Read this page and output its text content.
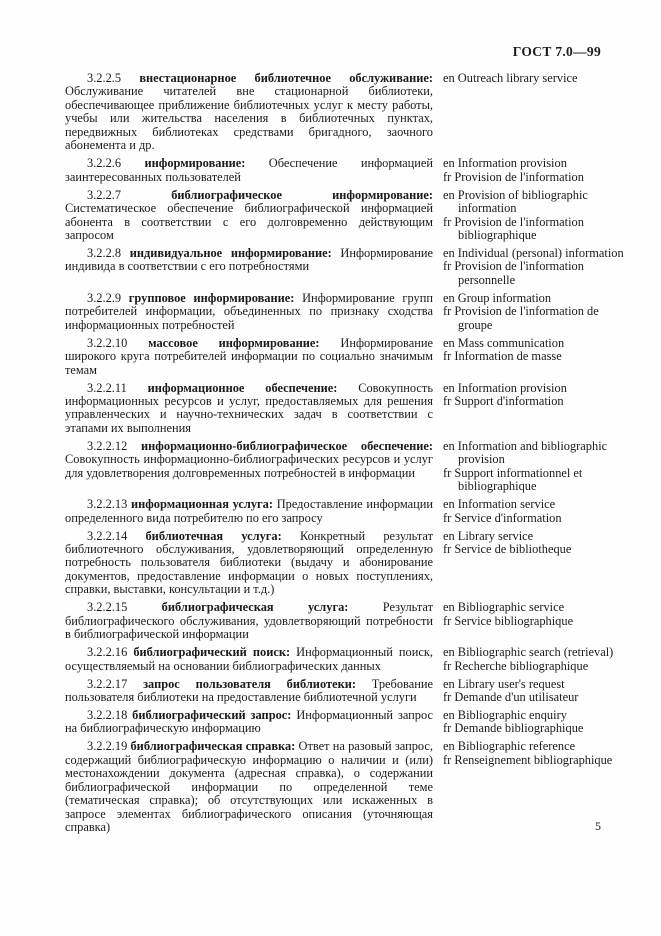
ГОСТ 7.0—99

3.2.2.5 внестационарное библиотечное обслуживание: Обслуживание читателей вне стационарной библиотеки, обеспечивающее приближение библиотечных услуг к месту работы, учебы или жительства населения в библиотечных пунктах, передвижных библиотеках средствами бригадного, заочного абонемента и др.

en Outreach library service

3.2.2.6 информирование: Обеспечение информацией заинтересованных пользователей

en Information provision
fr Provision de l'information

3.2.2.7 библиографическое информирование: Систематическое обеспечение библиографической информацией абонента в соответствии с его долговременно действующим запросом

en Provision of bibliographic information
fr Provision de l'information bibliographique

3.2.2.8 индивидуальное информирование: Информирование индивида в соответствии с его потребностями

en Individual (personal) information
fr Provision de l'information personnelle

3.2.2.9 групповое информирование: Информирование групп потребителей информации, объединенных по признаку сходства информационных потребностей

en Group information
fr Provision de l'information de groupe

3.2.2.10 массовое информирование: Информирование широкого круга потребителей информации по социально значимым темам

en Mass communication
fr Information de masse

3.2.2.11 информационное обеспечение: Совокупность информационных ресурсов и услуг, предоставляемых для решения управленческих и научно-технических задач в соответствии с этапами их выполнения

en Information provision
fr Support d'information

3.2.2.12 информационно-библиографическое обеспечение: Совокупность информационно-библиографических ресурсов и услуг для удовлетворения долговременных потребностей в информации

en Information and bibliographic provision
fr Support informationnel et bibliographique

3.2.2.13 информационная услуга: Предоставление информации определенного вида потребителю по его запросу

en Information service
fr Service d'information

3.2.2.14 библиотечная услуга: Конкретный результат библиотечного обслуживания, удовлетворяющий определенную потребность пользователя библиотеки (выдачу и абонирование документов, предоставление информации о новых поступлениях, справки, выставки, консультации и т.д.)

en Library service
fr Service de bibliotheque

3.2.2.15 библиографическая услуга: Результат библиографического обслуживания, удовлетворяющий потребности в библиографической информации

en Bibliographic service
fr Service bibliographique

3.2.2.16 библиографический поиск: Информационный поиск, осуществляемый на основании библиографических данных

en Bibliographic search (retrieval)
fr Recherche bibliographique

3.2.2.17 запрос пользователя библиотеки: Требование пользователя библиотеки на предоставление библиотечной услуги

en Library user's request
fr Demande d'un utilisateur

3.2.2.18 библиографический запрос: Информационный запрос на библиографическую информацию

en Bibliographic enquiry
fr Demande bibliographique

3.2.2.19 библиографическая справка: Ответ на разовый запрос, содержащий библиографическую информацию о наличии и (или) местонахождении документа (адресная справка), о содержании библиографической информации по определенной теме (тематическая справка); об отсутствующих или искаженных в запросе элементах библиографического описания (уточняющая справка)

en Bibliographic reference
fr Renseignement bibliographique
5
